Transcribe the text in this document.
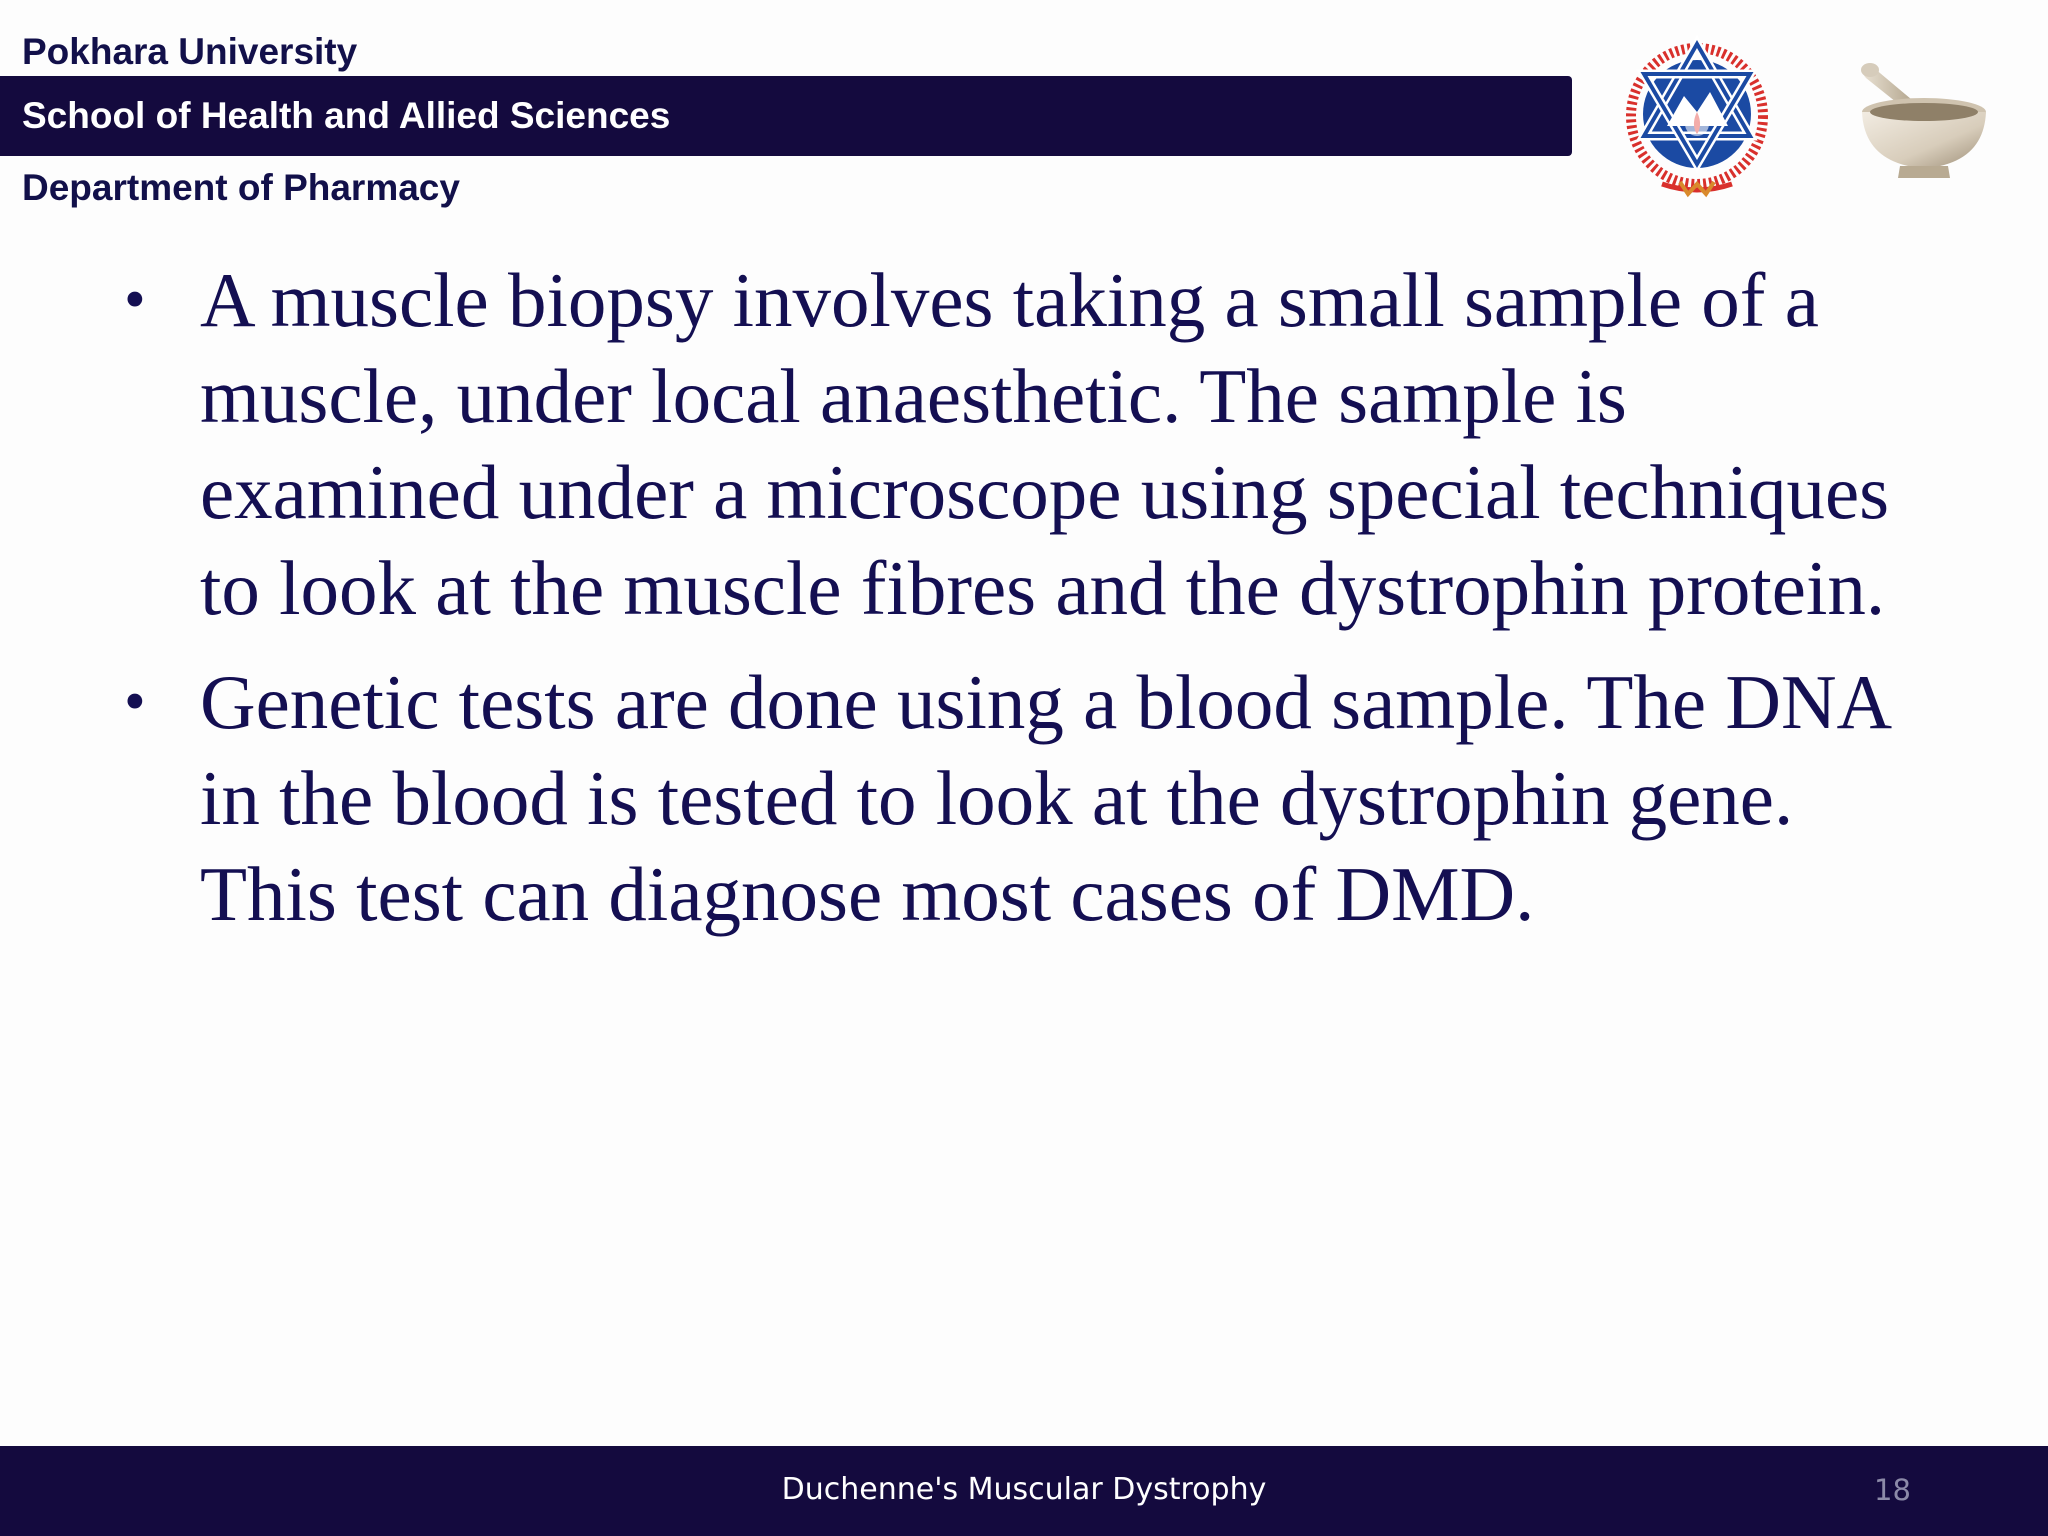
Pokhara University
School of Health and Allied Sciences
Department of Pharmacy
• A muscle biopsy involves taking a small sample of a muscle, under local anaesthetic. The sample is examined under a microscope using special techniques to look at the muscle fibres and the dystrophin protein.
• Genetic tests are done using a blood sample. The DNA in the blood is tested to look at the dystrophin gene. This test can diagnose most cases of DMD.
Duchenne's Muscular Dystrophy	18
